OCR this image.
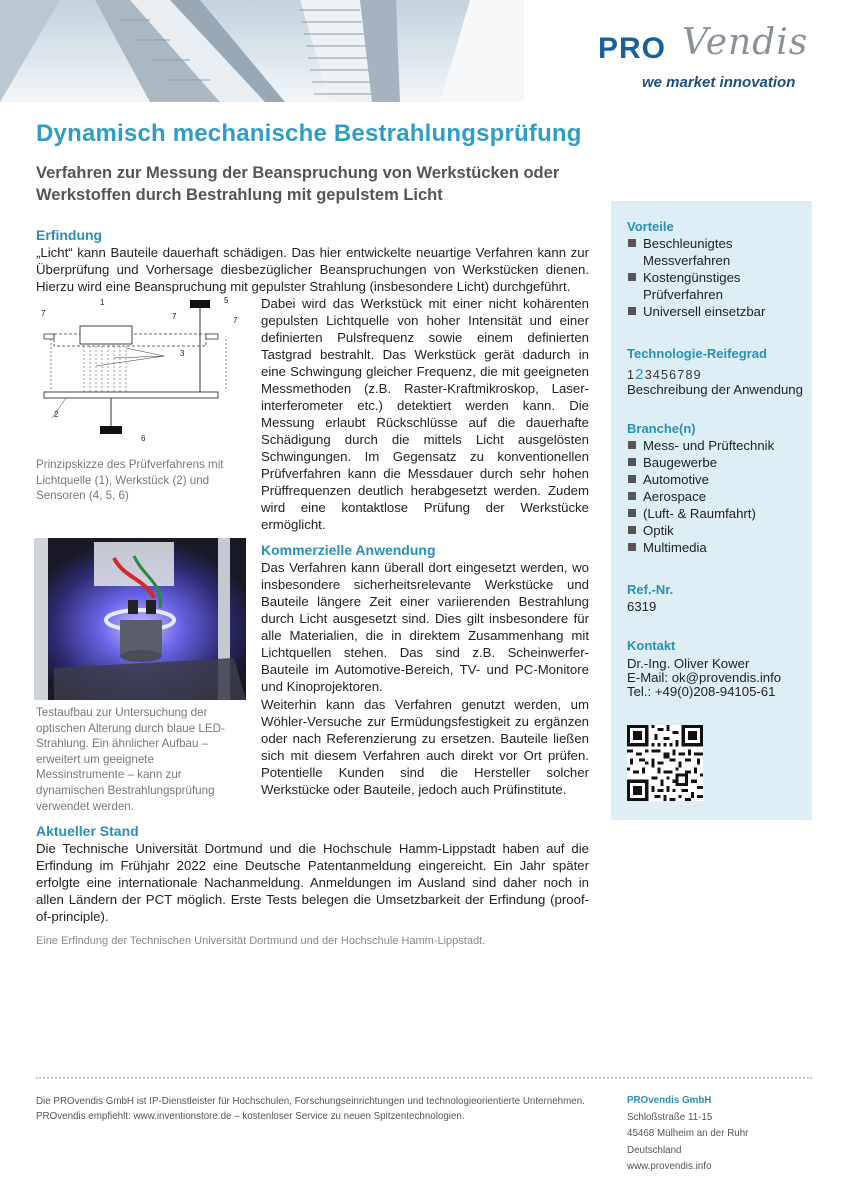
PRO Vendis
we market innovation
Dynamisch mechanische Bestrahlungsprüfung
Verfahren zur Messung der Beanspruchung von Werkstücken oder Werkstoffen durch Bestrahlung mit gepulstem Licht
Erfindung

„Licht“ kann Bauteile dauerhaft schädigen. Das hier entwickelte neuartige Verfahren kann zur Überprüfung und Vorhersage diesbezüglicher Beanspruchungen von Werkstücken dienen. Hierzu wird eine Beanspruchung mit gepulster Strahlung (insbesondere Licht) durchgeführt.

1
2
3
5
6
7	7	7

Prinzipskizze des Prüfverfahrens mit Lichtquelle (1), Werkstück (2) und Sensoren (4, 5, 6)

Dabei wird das Werkstück mit einer nicht kohärenten gepulsten Lichtquelle von hoher Intensität und einer definierten Pulsfrequenz sowie einem definierten Tastgrad bestrahlt. Das Werkstück gerät dadurch in eine Schwingung gleicher Frequenz, die mit geeigneten Messmethoden (z.B. Raster-Kraftmikroskop, Laser-interferometer etc.) detektiert werden kann. Die Messung erlaubt Rückschlüsse auf die dauerhafte Schädigung durch die mittels Licht ausgelösten Schwingungen. Im Gegensatz zu konventionellen Prüfverfahren kann die Messdauer durch sehr hohen Prüffrequenzen deutlich herabgesetzt werden. Zudem wird eine kontaktlose Prüfung der Werkstücke ermöglicht.

Testaufbau zur Untersuchung der optischen Alterung durch blaue LED-Strahlung. Ein ähnlicher Aufbau – erweitert um geeignete Messinstrumente – kann zur dynamischen Bestrahlungsprüfung verwendet werden.

Kommerzielle Anwendung

Das Verfahren kann überall dort eingesetzt werden, wo insbesondere sicherheitsrelevante Werkstücke und Bauteile längere Zeit einer variierenden Bestrahlung durch Licht ausgesetzt sind. Dies gilt insbesondere für alle Materialien, die in direktem Zusammenhang mit Lichtquellen stehen. Das sind z.B. Scheinwerfer-Bauteile im Automotive-Bereich, TV- und PC-Monitore und Kinoprojektoren.

Weiterhin kann das Verfahren genutzt werden, um Wöhler-Versuche zur Ermüdungsfestigkeit zu ergänzen oder nach Referenzierung zu ersetzen. Bauteile ließen sich mit diesem Verfahren auch direkt vor Ort prüfen. Potentielle Kunden sind die Hersteller solcher Werkstücke oder Bauteile, jedoch auch Prüfinstitute.

Aktueller Stand

Die Technische Universität Dortmund und die Hochschule Hamm-Lippstadt haben auf die Erfindung im Frühjahr 2022 eine Deutsche Patentanmeldung eingereicht. Ein Jahr später erfolgte eine internationale Nachanmeldung. Anmeldungen im Ausland sind daher noch in allen Ländern der PCT möglich. Erste Tests belegen die Umsetzbarkeit der Erfindung (proof-of-principle).

Eine Erfindung der Technischen Universität Dortmund und der Hochschule Hamm-Lippstadt.
Vorteile
Beschleunigtes Messverfahren
Kostengünstiges Prüfverfahren
Universell einsetzbar
Technologie-Reifegrad
123456789
Beschreibung der Anwendung
Branche(n)
Mess- und Prüftechnik
Baugewerbe
Automotive
Aerospace
(Luft- & Raumfahrt)
Optik
Multimedia
Ref.-Nr.
6319
Kontakt
Dr.-Ing. Oliver Kower
E-Mail: ok@provendis.info
Tel.: +49(0)208-94105-61
Die PROvendis GmbH ist IP-Dienstleister für Hochschulen, Forschungseinrichtungen und technologieorientierte Unternehmen.
PROvendis empfiehlt: www.inventionstore.de – kostenloser Service zu neuen Spitzentechnologien.
PROvendis GmbH
Schloßstraße 11-15
45468 Mülheim an der Ruhr
Deutschland
www.provendis.info
